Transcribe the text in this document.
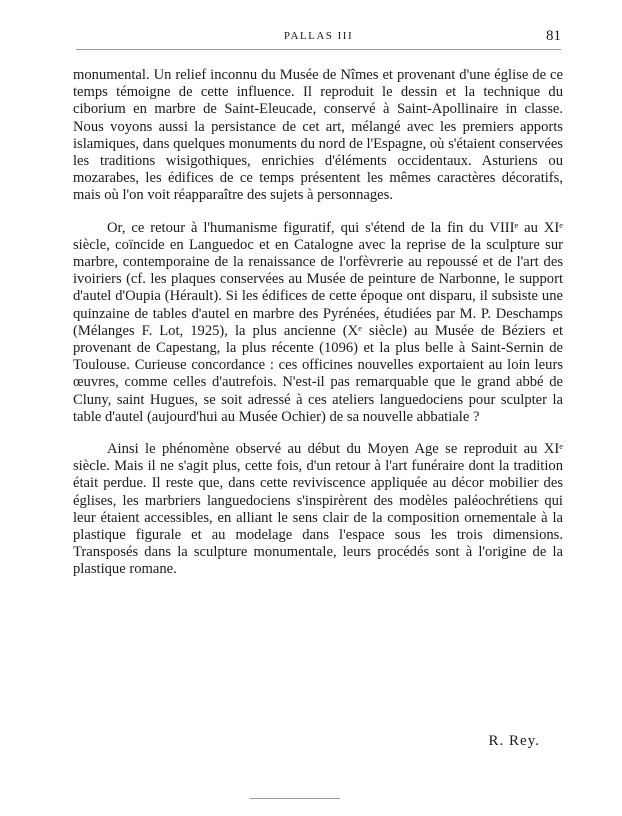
PALLAS III	81

monumental. Un relief inconnu du Musée de Nîmes et provenant d'une église de ce temps témoigne de cette influence. Il reproduit le dessin et la technique du ciborium en marbre de Saint-Eleucade, conservé à Saint-Apollinaire in classe. Nous voyons aussi la persistance de cet art, mélangé avec les premiers apports islamiques, dans quelques monuments du nord de l'Espagne, où s'étaient conservées les traditions wisigothiques, enrichies d'éléments occidentaux. Asturiens ou mozarabes, les édifices de ce temps présentent les mêmes caractères décoratifs, mais où l'on voit réapparaître des sujets à personnages.

Or, ce retour à l'humanisme figuratif, qui s'étend de la fin du VIIIᵉ au XIᵉ siècle, coïncide en Languedoc et en Catalogne avec la reprise de la sculpture sur marbre, contemporaine de la renaissance de l'orfèvrerie au repoussé et de l'art des ivoiriers (cf. les plaques conservées au Musée de peinture de Narbonne, le support d'autel d'Oupia (Hérault). Si les édifices de cette époque ont disparu, il subsiste une quinzaine de tables d'autel en marbre des Pyrénées, étudiées par M. P. Deschamps (Mélanges F. Lot, 1925), la plus ancienne (Xᵉ siècle) au Musée de Béziers et provenant de Capestang, la plus récente (1096) et la plus belle à Saint-Sernin de Toulouse. Curieuse concordance : ces officines nouvelles exportaient au loin leurs œuvres, comme celles d'autrefois. N'est-il pas remarquable que le grand abbé de Cluny, saint Hugues, se soit adressé à ces ateliers languedociens pour sculpter la table d'autel (aujourd'hui au Musée Ochier) de sa nouvelle abbatiale ?

Ainsi le phénomène observé au début du Moyen Age se reproduit au XIᵉ siècle. Mais il ne s'agit plus, cette fois, d'un retour à l'art funéraire dont la tradition était perdue. Il reste que, dans cette reviviscence appliquée au décor mobilier des églises, les marbriers languedociens s'inspirèrent des modèles paléochrétiens qui leur étaient accessibles, en alliant le sens clair de la composition ornementale à la plastique figurale et au modelage dans l'espace sous les trois dimensions. Transposés dans la sculpture monumentale, leurs procédés sont à l'origine de la plastique romane.

R. Rey.
